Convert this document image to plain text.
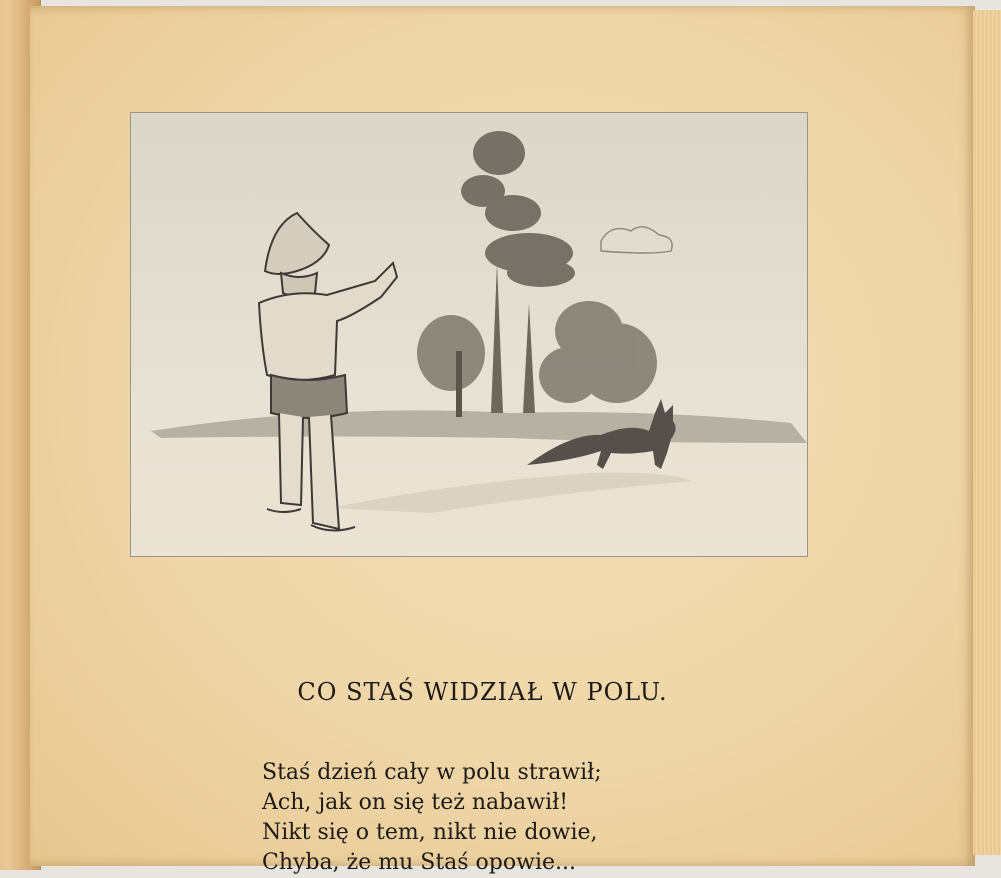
CO STAŚ WIDZIAŁ W POLU.
Staś dzień cały w polu strawił;
Ach, jak on się też nabawił!
Nikt się o tem, nikt nie dowie,
Chyba, że mu Staś opowie...
